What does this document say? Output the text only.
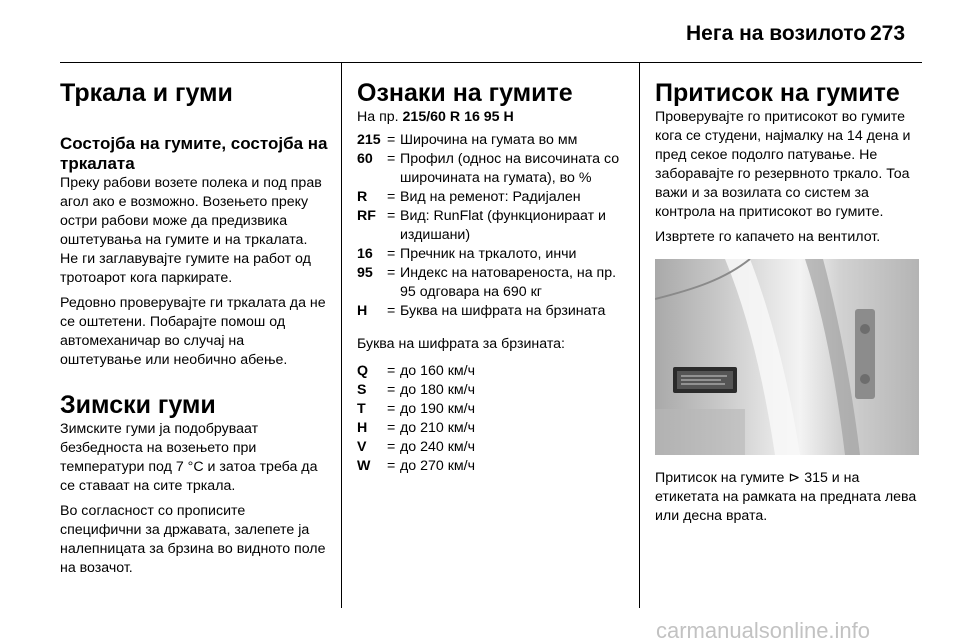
Нега на возилото 273
Тркала и гуми
Состојба на гумите, состојба на тркалата

Преку рабови возете полека и под прав агол ако е возможно. Возењето преку остри рабови може да предизвика оштетувања на гумите и на тркалата. Не ги заглавувајте гумите на работ од тротоарот кога паркирате.

Редовно проверувајте ги тркалата да не се оштетени. Побарајте помош од автомеханичар во случај на оштетување или необично абење.

Зимски гуми

Зимските гуми ја подобруваат безбедноста на возењето при температури под 7 °C и затоа треба да се ставаат на сите тркала.

Во согласност со прописите специфични за државата, залепете ја налепницата за брзина во видното поле на возачот.

Ознаки на гумите

На пр. 215/60 R 16 95 H

215 = Широчина на гумата во мм
60	= Профил (однос на височината со широчината на гумата), во %
R	= Вид на ременот: Радијален
RF = Вид: RunFlat (функционираат и издишани)
16	= Пречник на тркалото, инчи
95	= Индекс на натовареноста, на пр. 95 одговара на 690 кг
H	= Буква на шифрата на брзината

Буква на шифрата за брзината:

Q	= до 160 км/ч
S	= до 180 км/ч
T	= до 190 км/ч
H	= до 210 км/ч
V	= до 240 км/ч
W	= до 270 км/ч
Притисок на гумите

Проверувајте го притисокот во гумите кога се студени, најмалку на 14 дена и пред секое подолго патување. Не заборавајте го резервното тркало. Тоа важи и за возилата со систем за контрола на притисокот во гумите.

Извртете го капачето на вентилот.

Притисок на гумите ⊳ 315 и на етикетата на рамката на предната лева или десна врата.

carmanualsonline.info
